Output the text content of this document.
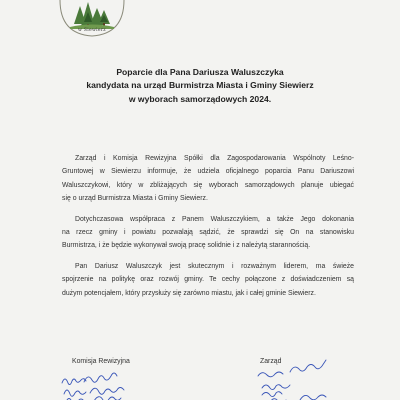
w Siewierz
Poparcie dla Pana Dariusza Waluszczyka
kandydata na urząd Burmistrza Miasta i Gminy Siewierz
w wyborach samorządowych 2024.

Zarząd i Komisja Rewizyjna Spółki dla Zagospodarowania Wspólnoty Leśno-
Gruntowej w Siewierzu informuje, że udziela oficjalnego poparcia Panu Dariuszowi
Waluszczykowi, który w zbliżających się wyborach samorządowych planuje ubiegać
się o urząd Burmistrza Miasta i Gminy Siewierz.

Dotychczasowa współpraca z Panem Waluszczykiem, a także Jego dokonania
na rzecz gminy i powiatu pozwalają sądzić, że sprawdzi się On na stanowisku
Burmistrza, i że będzie wykonywał swoją pracę solidnie i z należytą starannością.

Pan Dariusz Waluszczyk jest skutecznym i rozważnym liderem, ma świeże
spojrzenie na politykę oraz rozwój gminy. Te cechy połączone z doświadczeniem są
dużym potencjałem, który przysłuży się zarówno miastu, jak i całej gminie Siewierz.

Komisja Rewizyjna	Zarząd
